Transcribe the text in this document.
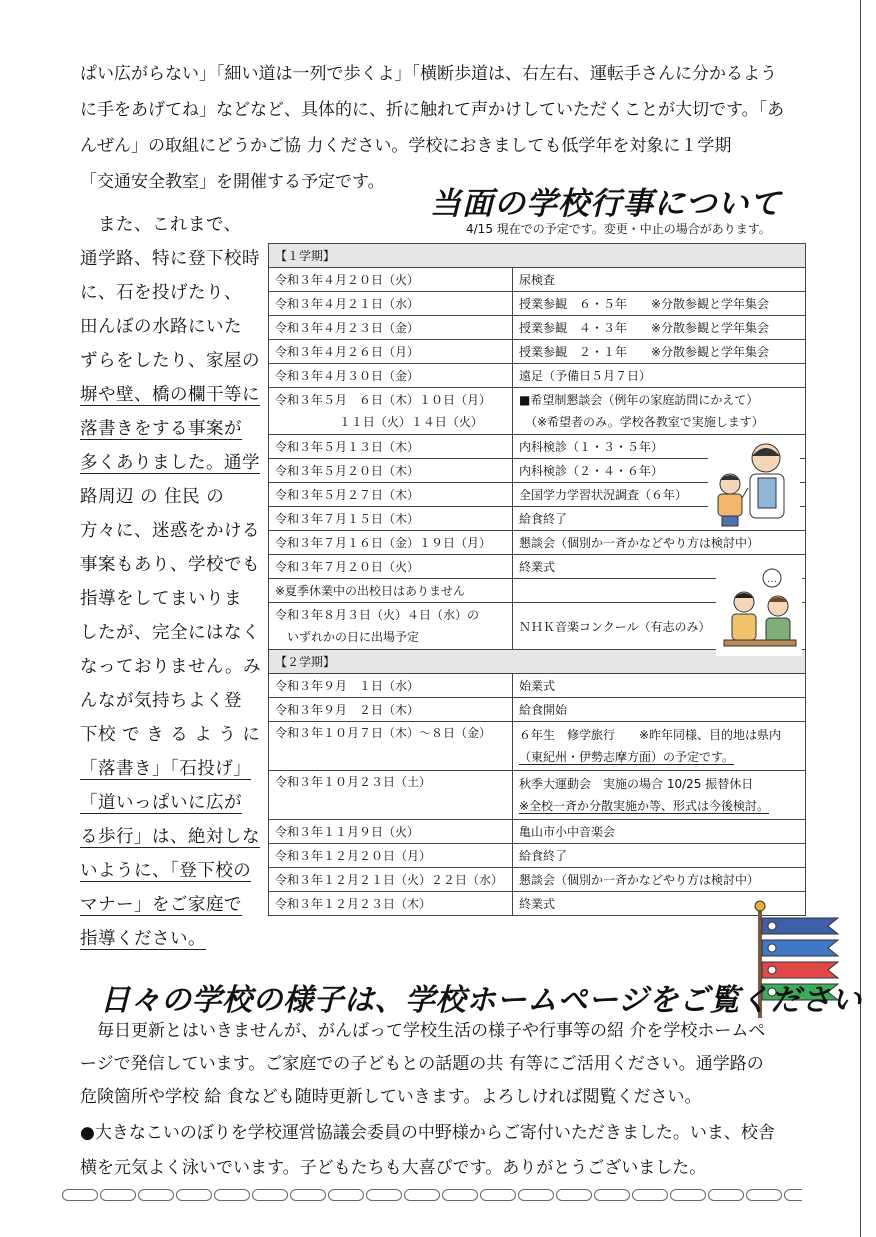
ぱい広がらない」「細い道は一列で歩くよ」「横断歩道は、右左右、運転手さんに分かるよう
に手をあげてね」などなど、具体的に、折に触れて声かけしていただくことが大切です。「あ
んぜん」の取組にどうかご協 力ください。学校におきましても低学年を対象に１学期
「交通安全教室」を開催する予定です。
　また、これまで、
通学路、特に登下校時
に、石を投げたり、
田んぼの水路にいた
ずらをしたり、家屋の
塀や壁、橋の欄干等に
落書きをする事案が
多くありました。通学
路周辺 の 住民 の
方々に、迷惑をかける
事案もあり、学校でも
指導をしてまいりま
したが、完全にはなく
なっておりません。み
んなが気持ちよく登
下校 で き る よ う に
「落書き」「石投げ」
「道いっぱいに広が
る歩行」は、絶対しな
いように、「登下校の
マナー」をご家庭で
指導ください。
当面の学校行事について
4/15 現在での予定です。変更・中止の場合があります。
【１学期】	
令和３年４月２０日（火）	尿検査
令和３年４月２１日（水）	授業参観　６・５年　　※分散参観と学年集会
令和３年４月２３日（金）	授業参観　４・３年　　※分散参観と学年集会
令和３年４月２６日（月）	授業参観　２・１年　　※分散参観と学年集会
令和３年４月３０日（金）	遠足（予備日５月７日）

令和３年５月　６日（木）１０日（月）
　　　　　 １１日（火）１４日（火）	■希望制懇談会（例年の家庭訪問にかえて）
　（※希望者のみ。学校各教室で実施します）

令和３年５月１３日（木）	内科検診（１・３・５年）
令和３年５月２０日（木）	内科検診（２・４・６年）
令和３年５月２７日（木）	全国学力学習状況調査（６年）
令和３年７月１５日（木）	給食終了
令和３年７月１６日（金）１９日（月）	懇談会（個別か一斉かなどやり方は検討中）
令和３年７月２０日（火）	終業式
※夏季休業中の出校日はありません	

令和３年８月３日（火）４日（水）の
　いずれかの日に出場予定	ＮＨＫ音楽コンクール（有志のみ）
【２学期】	
令和３年９月　１日（水）	始業式
令和３年９月　２日（木）	給食開始
令和３年１０月７日（木）～８日（金）	６年生　修学旅行　　※昨年同様、目的地は県内
（東紀州・伊勢志摩方面）の予定です。

令和３年１０月２３日（土）	秋季大運動会　実施の場合 10/25 振替休日
※全校一斉か分散実施か等、形式は今後検討。

令和３年１１月９日（火）	亀山市小中音楽会
令和３年１２月２０日（月）	給食終了
令和３年１２月２１日（火）２２日（水）	懇談会（個別か一斉かなどやり方は検討中）
令和３年１２月２３日（木）	終業式
…
日々の学校の様子は、学校ホームページをご覧ください
　毎日更新とはいきませんが、がんばって学校生活の様子や行事等の紹 介を学校ホームペ
ージで発信しています。ご家庭での子どもとの話題の共 有等にご活用ください。通学路の
危険箇所や学校 給 食なども随時更新していきます。よろしければ閲覧ください。
●大きなこいのぼりを学校運営協議会委員の中野様からご寄付いただきました。いま、校舎
横を元気よく泳いでいます。子どもたちも大喜びです。ありがとうございました。
